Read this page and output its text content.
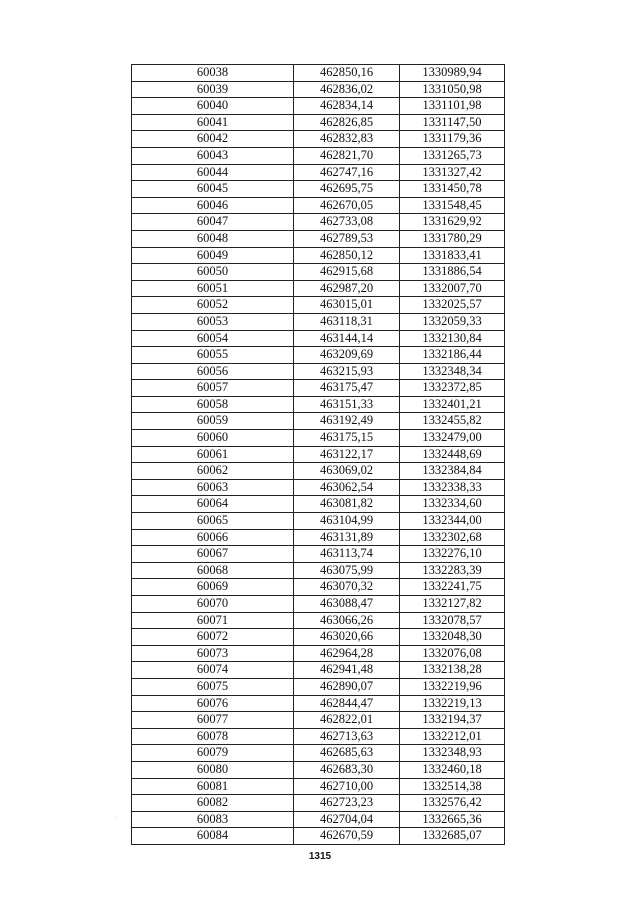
60038	462850,16	1330989,94
60039	462836,02	1331050,98
60040	462834,14	1331101,98
60041	462826,85	1331147,50
60042	462832,83	1331179,36
60043	462821,70	1331265,73
60044	462747,16	1331327,42
60045	462695,75	1331450,78
60046	462670,05	1331548,45
60047	462733,08	1331629,92
60048	462789,53	1331780,29
60049	462850,12	1331833,41
60050	462915,68	1331886,54
60051	462987,20	1332007,70
60052	463015,01	1332025,57
60053	463118,31	1332059,33
60054	463144,14	1332130,84
60055	463209,69	1332186,44
60056	463215,93	1332348,34
60057	463175,47	1332372,85
60058	463151,33	1332401,21
60059	463192,49	1332455,82
60060	463175,15	1332479,00
60061	463122,17	1332448,69
60062	463069,02	1332384,84
60063	463062,54	1332338,33
60064	463081,82	1332334,60
60065	463104,99	1332344,00
60066	463131,89	1332302,68
60067	463113,74	1332276,10
60068	463075,99	1332283,39
60069	463070,32	1332241,75
60070	463088,47	1332127,82
60071	463066,26	1332078,57
60072	463020,66	1332048,30
60073	462964,28	1332076,08
60074	462941,48	1332138,28
60075	462890,07	1332219,96
60076	462844,47	1332219,13
60077	462822,01	1332194,37
60078	462713,63	1332212,01
60079	462685,63	1332348,93
60080	462683,30	1332460,18
60081	462710,00	1332514,38
60082	462723,23	1332576,42
60083	462704,04	1332665,36
60084	462670,59	1332685,07
.
1315
